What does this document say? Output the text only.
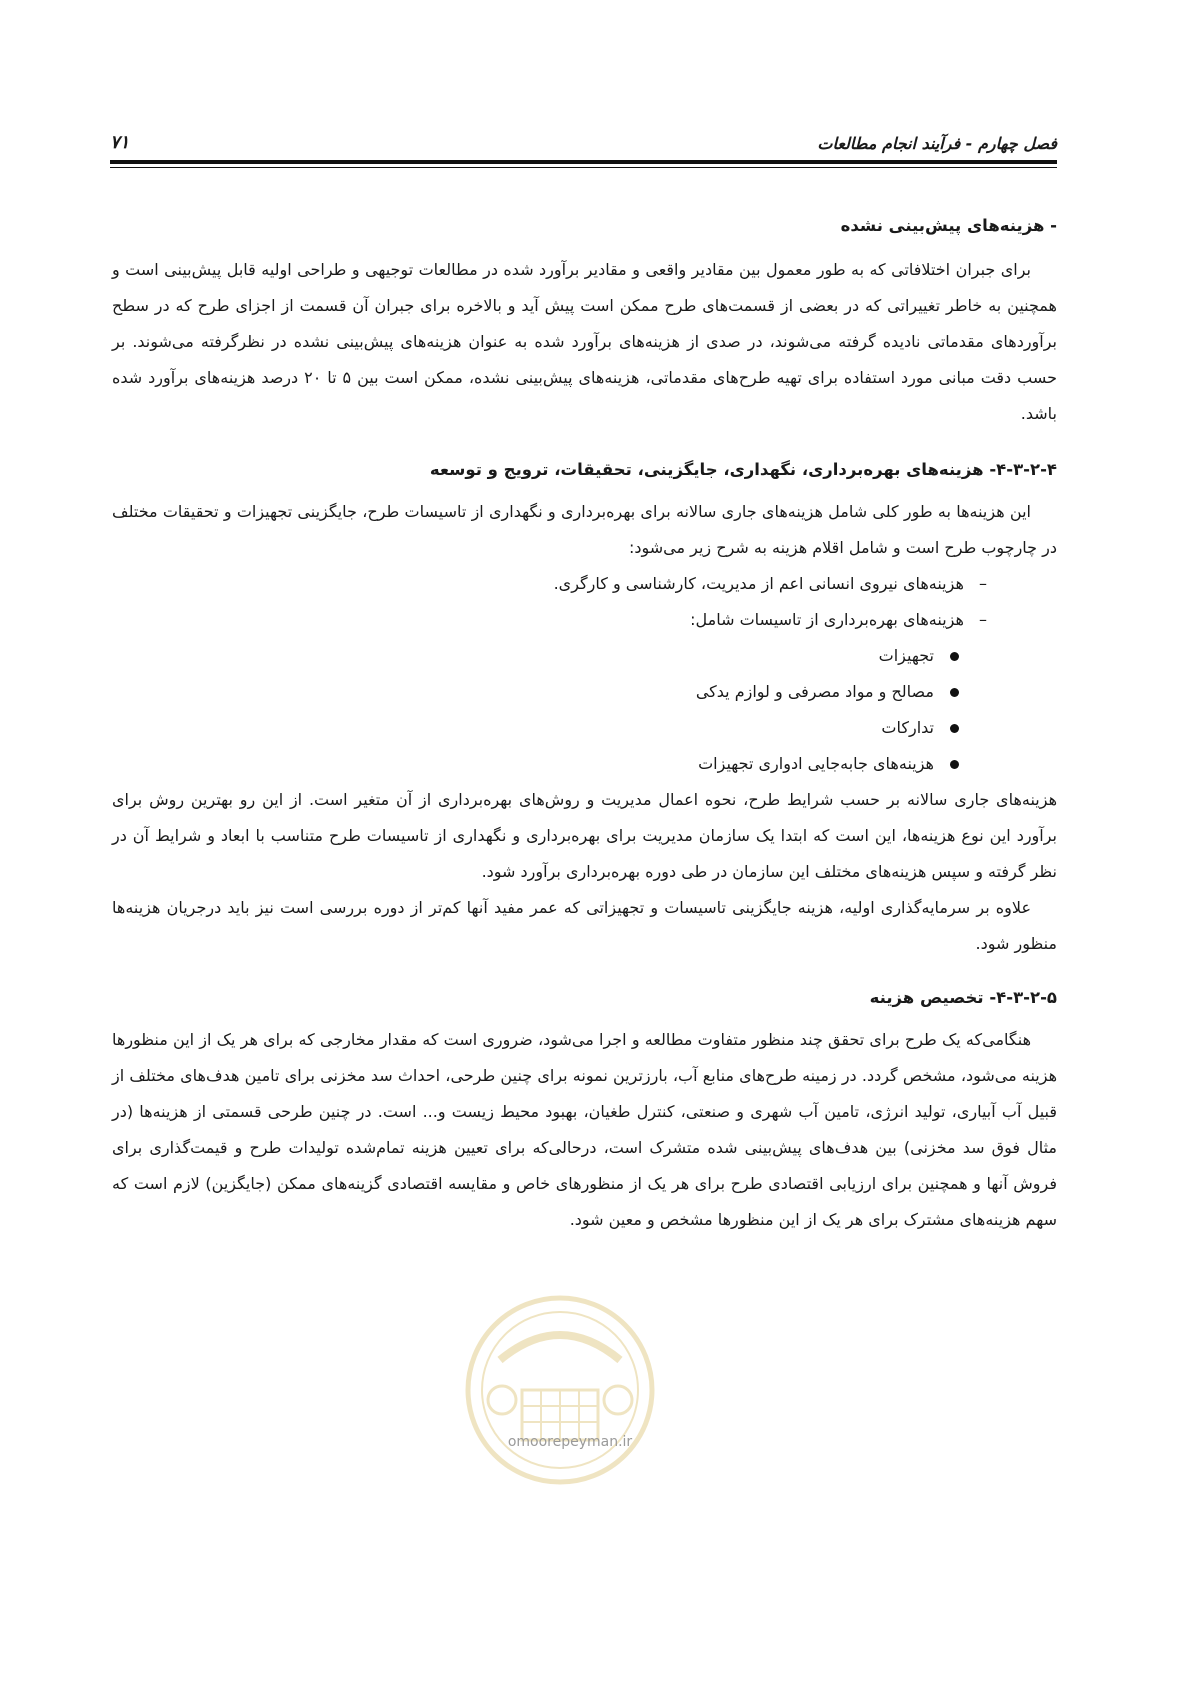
فصل چهارم - فرآیند انجام مطالعات
۷۱
- هزینه‌های پیش‌بینی نشده

برای جبران اختلافاتی که به طور معمول بین مقادیر واقعی و مقادیر برآورد شده در مطالعات توجیهی و طراحی اولیه قابل پیش‌بینی است و همچنین به خاطر تغییراتی که در بعضی از قسمت‌های طرح ممکن است پیش آید و بالاخره برای جبران آن قسمت از اجزای طرح که در سطح برآوردهای مقدماتی نادیده گرفته می‌شوند، در صدی از هزینه‌های برآورد شده به عنوان هزینه‌های پیش‌بینی نشده در نظرگرفته می‌شوند. بر حسب دقت مبانی مورد استفاده برای تهیه طرح‌های مقدماتی، هزینه‌های پیش‌بینی نشده، ممکن است بین ۵ تا ۲۰ درصد هزینه‌های برآورد شده باشد.

۴-۳-۲-۴- هزینه‌های بهره‌برداری، نگهداری، جایگزینی، تحقیقات، ترویج و توسعه

این هزینه‌ها به طور کلی شامل هزینه‌های جاری سالانه برای بهره‌برداری و نگهداری از تاسیسات طرح، جایگزینی تجهیزات و تحقیقات مختلف در چارچوب طرح است و شامل اقلام هزینه به شرح زیر می‌شود:

– هزینه‌های نیروی انسانی اعم از مدیریت، کارشناسی و کارگری.
– هزینه‌های بهره‌برداری از تاسیسات شامل:
تجهیزات
مصالح و مواد مصرفی و لوازم یدکی
تدارکات
هزینه‌های جابه‌جایی ادواری تجهیزات

هزینه‌های جاری سالانه بر حسب شرایط طرح، نحوه اعمال مدیریت و روش‌های بهره‌برداری از آن متغیر است. از این رو بهترین روش برای برآورد این نوع هزینه‌ها، این است که ابتدا یک سازمان مدیریت برای بهره‌برداری و نگهداری از تاسیسات طرح متناسب با ابعاد و شرایط آن در نظر گرفته و سپس هزینه‌های مختلف این سازمان در طی دوره بهره‌برداری برآورد شود.

علاوه بر سرمایه‌گذاری اولیه، هزینه جایگزینی تاسیسات و تجهیزاتی که عمر مفید آنها کم‌تر از دوره بررسی است نیز باید درجریان هزینه‌ها منظور شود.

۴-۳-۲-۵- تخصیص هزینه

هنگامی‌که یک طرح برای تحقق چند منظور متفاوت مطالعه و اجرا می‌شود، ضروری است که مقدار مخارجی که برای هر یک از این منظورها هزینه می‌شود، مشخص گردد. در زمینه طرح‌های منابع آب، بارزترین نمونه برای چنین طرحی، احداث سد مخزنی برای تامین هدف‌های مختلف از قبیل آب آبیاری، تولید انرژی، تامین آب شهری و صنعتی، کنترل طغیان، بهبود محیط زیست و... است. در چنین طرحی قسمتی از هزینه‌ها (در مثال فوق سد مخزنی) بین هدف‌های پیش‌بینی شده متشرک است، درحالی‌که برای تعیین هزینه تمام‌شده تولیدات طرح و قیمت‌گذاری برای فروش آنها و همچنین برای ارزیابی اقتصادی طرح برای هر یک از منظورهای خاص و مقایسه اقتصادی گزینه‌های ممکن (جایگزین) لازم است که سهم هزینه‌های مشترک برای هر یک از این منظورها مشخص و معین شود.

omoorepeyman.ir
